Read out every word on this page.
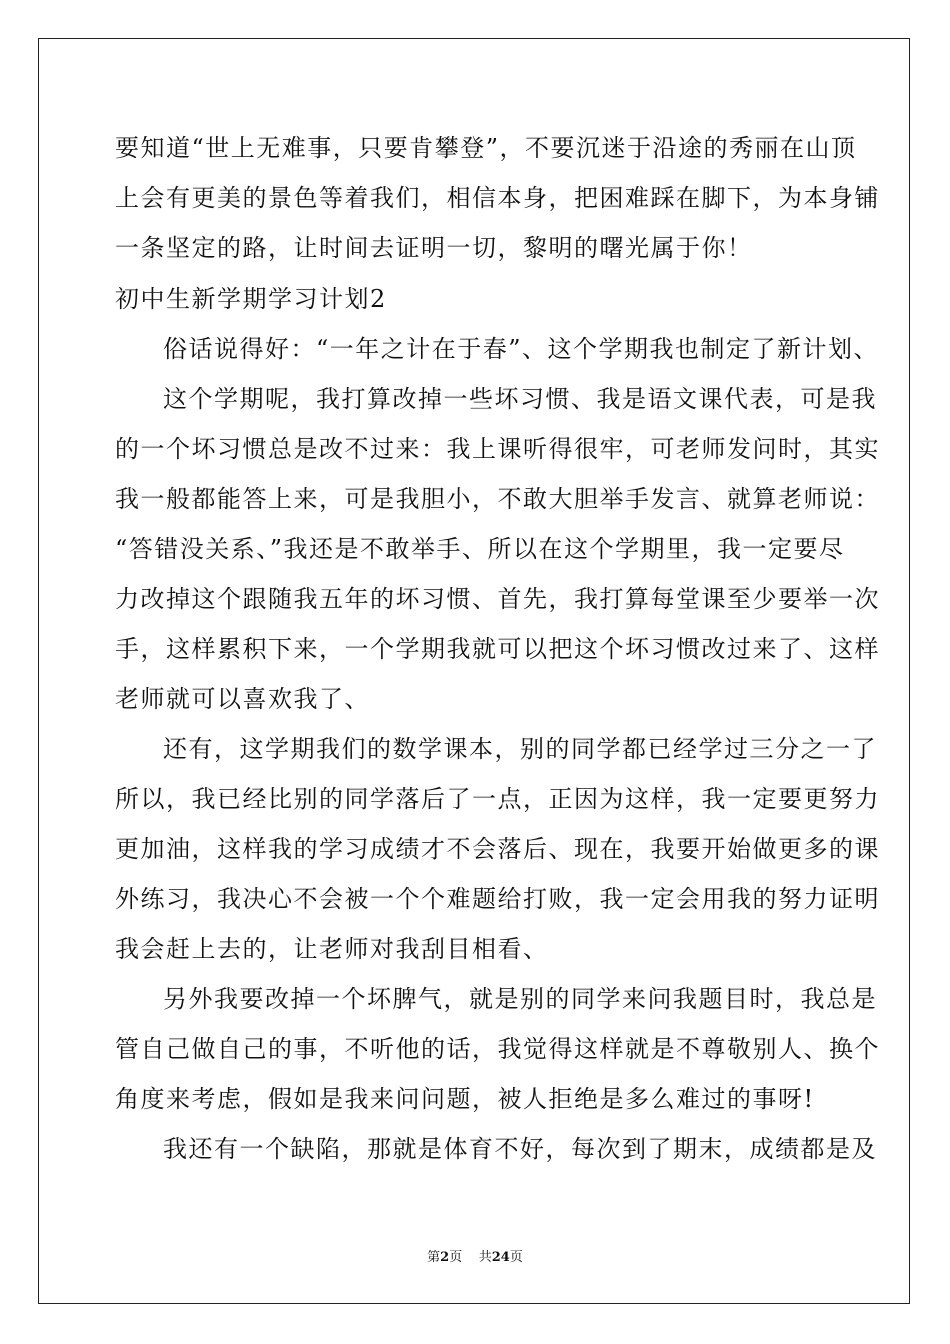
要知道“世上无难事，只要肯攀登”，不要沉迷于沿途的秀丽在山顶
上会有更美的景色等着我们，相信本身，把困难踩在脚下，为本身铺
一条坚定的路，让时间去证明一切，黎明的曙光属于你！
初中生新学期学习计划2
俗话说得好：“一年之计在于春”、这个学期我也制定了新计划、
这个学期呢，我打算改掉一些坏习惯、我是语文课代表，可是我
的一个坏习惯总是改不过来：我上课听得很牢，可老师发问时，其实
我一般都能答上来，可是我胆小，不敢大胆举手发言、就算老师说：
“答错没关系、”我还是不敢举手、所以在这个学期里，我一定要尽
力改掉这个跟随我五年的坏习惯、首先，我打算每堂课至少要举一次
手，这样累积下来，一个学期我就可以把这个坏习惯改过来了、这样
老师就可以喜欢我了、
还有，这学期我们的数学课本，别的同学都已经学过三分之一了
所以，我已经比别的同学落后了一点，正因为这样，我一定要更努力
更加油，这样我的学习成绩才不会落后、现在，我要开始做更多的课
外练习，我决心不会被一个个难题给打败，我一定会用我的努力证明
我会赶上去的，让老师对我刮目相看、
另外我要改掉一个坏脾气，就是别的同学来问我题目时，我总是
管自己做自己的事，不听他的话，我觉得这样就是不尊敬别人、换个
角度来考虑，假如是我来问问题，被人拒绝是多么难过的事呀!
我还有一个缺陷，那就是体育不好，每次到了期末，成绩都是及
第2页 共24页
